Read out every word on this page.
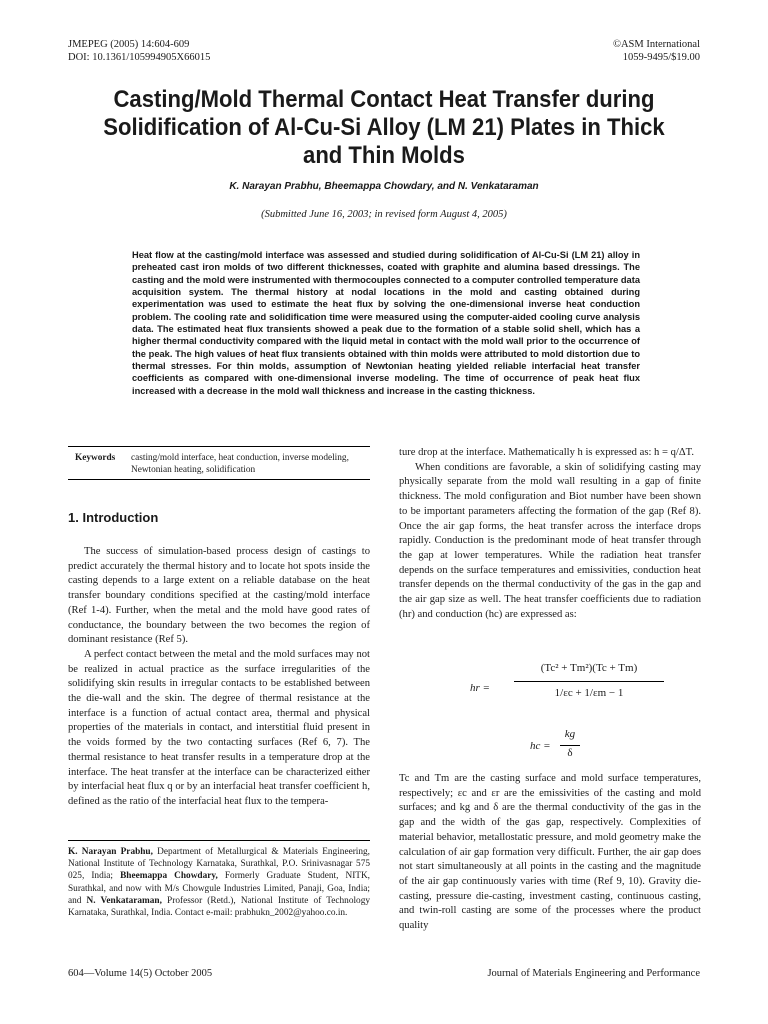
JMEPEG (2005) 14:604-609
DOI: 10.1361/105994905X66015
©ASM International
1059-9495/$19.00
Casting/Mold Thermal Contact Heat Transfer during Solidification of Al-Cu-Si Alloy (LM 21) Plates in Thick and Thin Molds
K. Narayan Prabhu, Bheemappa Chowdary, and N. Venkataraman
(Submitted June 16, 2003; in revised form August 4, 2005)
Heat flow at the casting/mold interface was assessed and studied during solidification of Al-Cu-Si (LM 21) alloy in preheated cast iron molds of two different thicknesses, coated with graphite and alumina based dressings. The casting and the mold were instrumented with thermocouples connected to a computer controlled temperature data acquisition system. The thermal history at nodal locations in the mold and casting obtained during experimentation was used to estimate the heat flux by solving the one-dimensional inverse heat conduction problem. The cooling rate and solidification time were measured using the computer-aided cooling curve analysis data. The estimated heat flux transients showed a peak due to the formation of a stable solid shell, which has a higher thermal conductivity compared with the liquid metal in contact with the mold wall prior to the occurrence of the peak. The high values of heat flux transients obtained with thin molds were attributed to mold distortion due to thermal stresses. For thin molds, assumption of Newtonian heating yielded reliable interfacial heat transfer coefficients as compared with one-dimensional inverse modeling. The time of occurrence of peak heat flux increased with a decrease in the mold wall thickness and increase in the casting thickness.
Keywords casting/mold interface, heat conduction, inverse modeling, Newtonian heating, solidification
1. Introduction

The success of simulation-based process design of castings to predict accurately the thermal history and to locate hot spots inside the casting depends to a large extent on a reliable database on the heat transfer boundary conditions specified at the casting/mold interface (Ref 1-4). Further, when the metal and the mold have good rates of conductance, the boundary between the two becomes the region of dominant resistance (Ref 5).

A perfect contact between the metal and the mold surfaces may not be realized in actual practice as the surface irregularities of the solidifying skin results in irregular contacts to be established between the die-wall and the skin. The degree of thermal resistance at the interface is a function of actual contact area, thermal and physical properties of the materials in contact, and interstitial fluid present in the voids formed by the two contacting surfaces (Ref 6, 7). The thermal resistance to heat transfer results in a temperature drop at the interface. The heat transfer at the interface can be characterized either by interfacial heat flux q or by an interfacial heat transfer coefficient h, defined as the ratio of the interfacial heat flux to the tempera-

K. Narayan Prabhu, Department of Metallurgical & Materials Engineering, National Institute of Technology Karnataka, Surathkal, P.O. Srinivasnagar 575 025, India; Bheemappa Chowdary, Formerly Graduate Student, NITK, Surathkal, and now with M/s Chowgule Industries Limited, Panaji, Goa, India; and N. Venkataraman, Professor (Retd.), National Institute of Technology Karnataka, Surathkal, India. Contact e-mail: prabhukn_2002@yahoo.co.in.

ture drop at the interface. Mathematically h is expressed as: h = q/ΔT.

When conditions are favorable, a skin of solidifying casting may physically separate from the mold wall resulting in a gap of finite thickness. The mold configuration and Biot number have been shown to be important parameters affecting the formation of the gap (Ref 8). Once the air gap forms, the heat transfer across the interface drops rapidly. Conduction is the predominant mode of heat transfer through the gap at lower temperatures. While the radiation heat transfer depends on the surface temperatures and emissivities, conduction heat transfer depends on the thermal conductivity of the gas in the gap and the air gap size as well. The heat transfer coefficients due to radiation (hr) and conduction (hc) are expressed as:

hr =
(Tc² + Tm²)(Tc + Tm)
1/εc + 1/εm − 1
hc =
kg
δ

Tc and Tm are the casting surface and mold surface temperatures, respectively; εc and εr are the emissivities of the casting and mold surfaces; and kg and δ are the thermal conductivity of the gas in the gap and the width of the gas gap, respectively. Complexities of material behavior, metallostatic pressure, and mold geometry make the calculation of air gap formation very difficult. Further, the air gap does not start simultaneously at all points in the casting and the magnitude of the air gap continuously varies with time (Ref 9, 10). Gravity die-casting, pressure die-casting, investment casting, continuous casting, and twin-roll casting are some of the processes where the product quality

604—Volume 14(5) October 2005	Journal of Materials Engineering and Performance
